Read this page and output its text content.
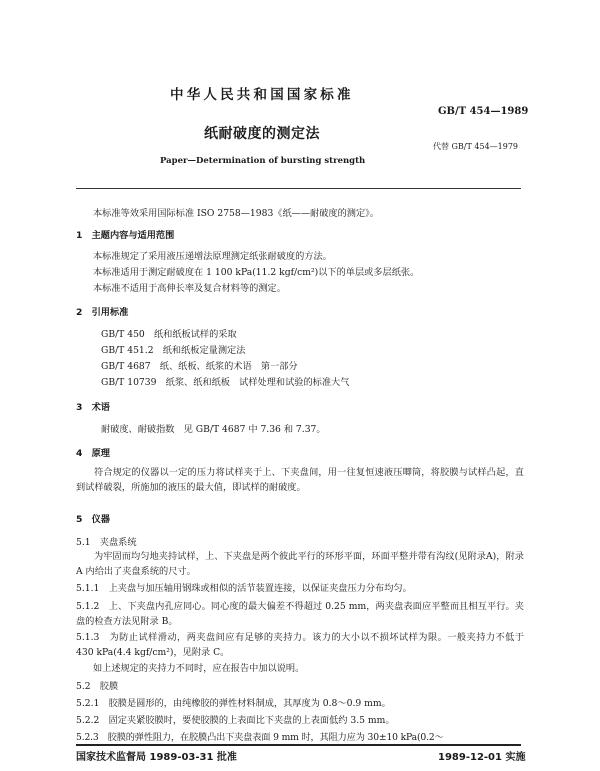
中华人民共和国国家标准
GB/T 454—1989
纸耐破度的测定法
代替 GB/T 454—1979
Paper—Determination of bursting strength
本标准等效采用国际标准 ISO 2758—1983《纸——耐破度的测定》。
1　主题内容与适用范围
本标准规定了采用液压递增法原理测定纸张耐破度的方法。
本标准适用于测定耐破度在 1 100 kPa(11.2 kgf/cm²)以下的单层或多层纸张。
本标准不适用于高伸长率及复合材料等的测定。
2　引用标准
GB/T 450　纸和纸板试样的采取
GB/T 451.2　纸和纸板定量测定法
GB/T 4687　纸、纸板、纸浆的术语　第一部分
GB/T 10739　纸浆、纸和纸板　试样处理和试验的标准大气
3　术语
耐破度、耐破指数　见 GB/T 4687 中 7.36 和 7.37。
4　原理
符合规定的仪器以一定的压力将试样夹于上、下夹盘间，用一往复恒速液压唧筒，将胶膜与试样凸起，直到试样破裂，所施加的液压的最大值，即试样的耐破度。
5　仪器
5.1　夹盘系统
为牢固而均匀地夹持试样，上、下夹盘是两个彼此平行的环形平面，环面平整并带有沟纹(见附录A)，附录 A 内给出了夹盘系统的尺寸。
5.1.1　上夹盘与加压轴用钢珠或相似的活节装置连接，以保证夹盘压力分布均匀。
5.1.2　上、下夹盘内孔应同心。同心度的最大偏差不得超过 0.25 mm，两夹盘表面应平整而且相互平行。夹盘的检查方法见附录 B。
5.1.3　为防止试样滑动，两夹盘间应有足够的夹持力。该力的大小以不损坏试样为限。一般夹持力不低于 430 kPa(4.4 kgf/cm²)，见附录 C。
如上述规定的夹持力不同时，应在报告中加以说明。
5.2　胶膜
5.2.1　胶膜是圆形的，由纯橡胶的弹性材料制成，其厚度为 0.8～0.9 mm。
5.2.2　固定夹紧胶膜时，要使胶膜的上表面比下夹盘的上表面低约 3.5 mm。
5.2.3　胶膜的弹性阻力，在胶膜凸出下夹盘表面 9 mm 时，其阻力应为 30±10 kPa(0.2～
国家技术监督局 1989-03-31 批准	1989-12-01 实施
